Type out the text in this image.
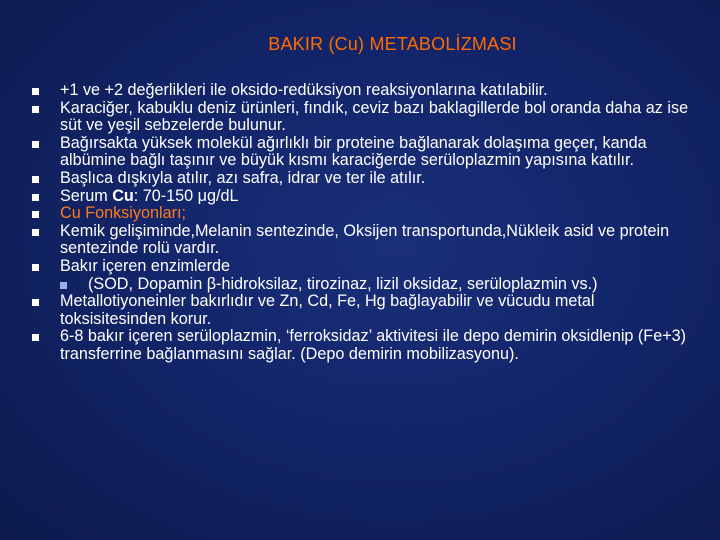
BAKIR (Cu) METABOLİZMASI
+1 ve +2 değerlikleri ile oksido-redüksiyon reaksiyonlarına katılabilir.
Karaciğer, kabuklu deniz ürünleri, fındık, ceviz bazı baklagillerde bol oranda daha az ise süt ve yeşil sebzelerde bulunur.
Bağırsakta yüksek molekül ağırlıklı bir proteine bağlanarak dolaşıma geçer, kanda albümine bağlı taşınır ve büyük kısmı karaciğerde serüloplazmin yapısına katılır.
Başlıca dışkıyla atılır, azı safra, idrar ve ter ile atılır.
Serum Cu: 70-150 μg/dL
Cu Fonksiyonları;
Kemik gelişiminde,Melanin sentezinde, Oksijen transportunda,Nükleik asid ve protein sentezinde rolü vardır.
Bakır içeren enzimlerde
(SOD, Dopamin β-hidroksilaz, tirozinaz, lizil oksidaz, serüloplazmin vs.)
Metallotiyoneinler bakırlıdır ve Zn, Cd, Fe, Hg bağlayabilir ve vücudu metal toksisitesinden korur.
6-8 bakır içeren serüloplazmin, ‘ferroksidaz’ aktivitesi ile depo demirin oksidlenip (Fe+3) transferrine bağlanmasını sağlar. (Depo demirin mobilizasyonu).
